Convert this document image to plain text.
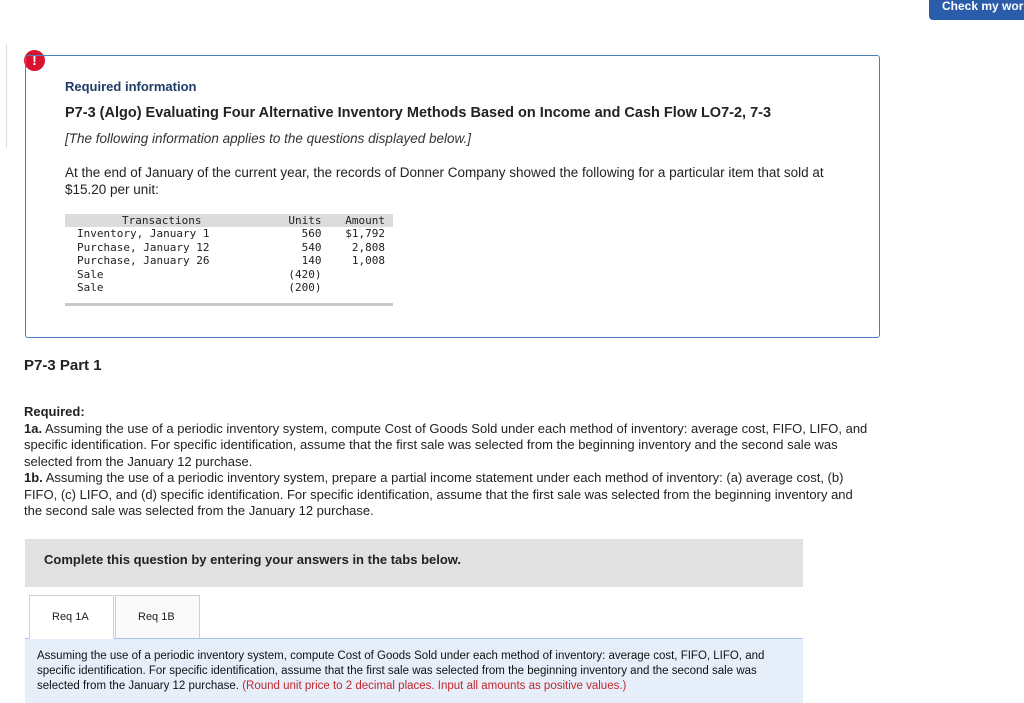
Check my wor
!
Required information
P7-3 (Algo) Evaluating Four Alternative Inventory Methods Based on Income and Cash Flow LO7-2, 7-3
[The following information applies to the questions displayed below.]
At the end of January of the current year, the records of Donner Company showed the following for a particular item that sold at $15.20 per unit:
Transactions	Units	Amount
Inventory, January 1	560	$1,792
Purchase, January 12	540	2,808
Purchase, January 26	140	1,008
Sale	(420)	
Sale	(200)	
P7-3 Part 1

Required:

1a. Assuming the use of a periodic inventory system, compute Cost of Goods Sold under each method of inventory: average cost, FIFO, LIFO, and specific identification. For specific identification, assume that the first sale was selected from the beginning inventory and the second sale was selected from the January 12 purchase.

1b. Assuming the use of a periodic inventory system, prepare a partial income statement under each method of inventory: (a) average cost, (b) FIFO, (c) LIFO, and (d) specific identification. For specific identification, assume that the first sale was selected from the beginning inventory and the second sale was selected from the January 12 purchase.

Complete this question by entering your answers in the tabs below.
Req 1A	Req 1B
Assuming the use of a periodic inventory system, compute Cost of Goods Sold under each method of inventory: average cost, FIFO, LIFO, and specific identification. For specific identification, assume that the first sale was selected from the beginning inventory and the second sale was selected from the January 12 purchase. (Round unit price to 2 decimal places. Input all amounts as positive values.)
